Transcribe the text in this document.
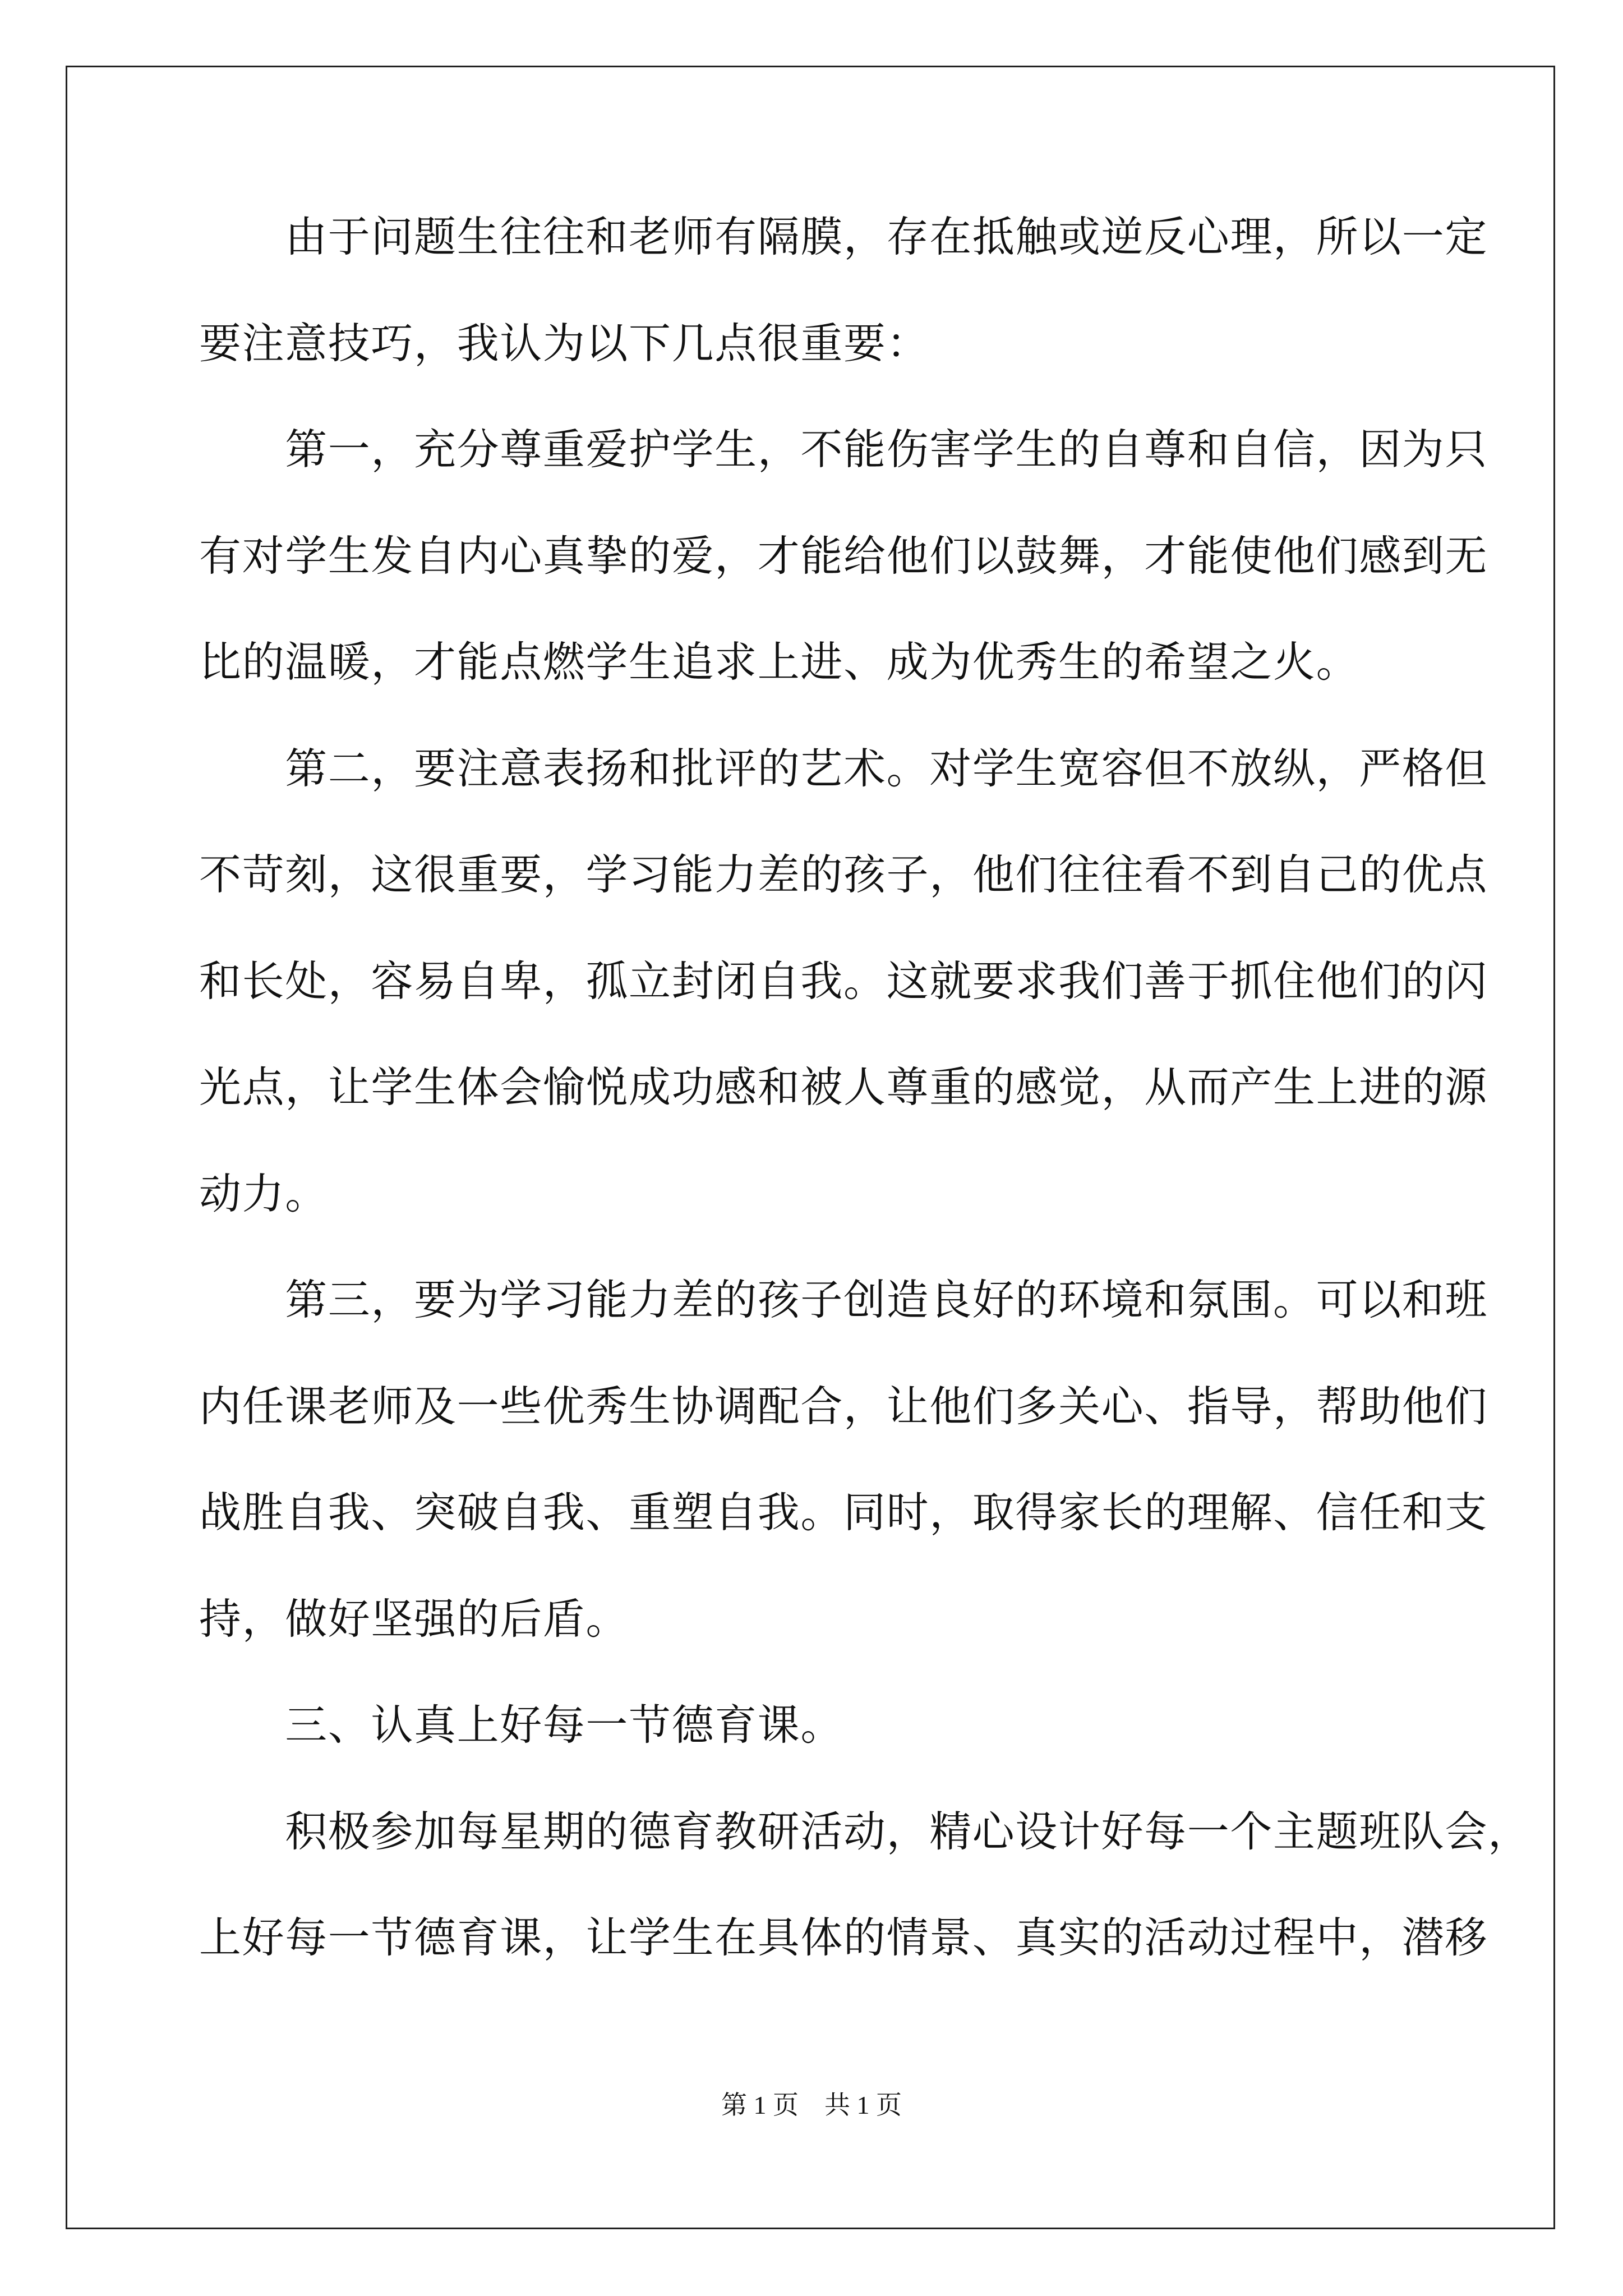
　　由于问题生往往和老师有隔膜，存在抵触或逆反心理，所以一定
要注意技巧，我认为以下几点很重要：
　　第一，充分尊重爱护学生，不能伤害学生的自尊和自信，因为只
有对学生发自内心真挚的爱，才能给他们以鼓舞，才能使他们感到无
比的温暖，才能点燃学生追求上进、成为优秀生的希望之火。
　　第二，要注意表扬和批评的艺术。对学生宽容但不放纵，严格但
不苛刻，这很重要，学习能力差的孩子，他们往往看不到自己的优点
和长处，容易自卑，孤立封闭自我。这就要求我们善于抓住他们的闪
光点，让学生体会愉悦成功感和被人尊重的感觉，从而产生上进的源
动力。
　　第三，要为学习能力差的孩子创造良好的环境和氛围。可以和班
内任课老师及一些优秀生协调配合，让他们多关心、指导，帮助他们
战胜自我、突破自我、重塑自我。同时，取得家长的理解、信任和支
持，做好坚强的后盾。
　　三、认真上好每一节德育课。
　　积极参加每星期的德育教研活动，精心设计好每一个主题班队会，
上好每一节德育课，让学生在具体的情景、真实的活动过程中，潜移
第 1 页　共 1 页
